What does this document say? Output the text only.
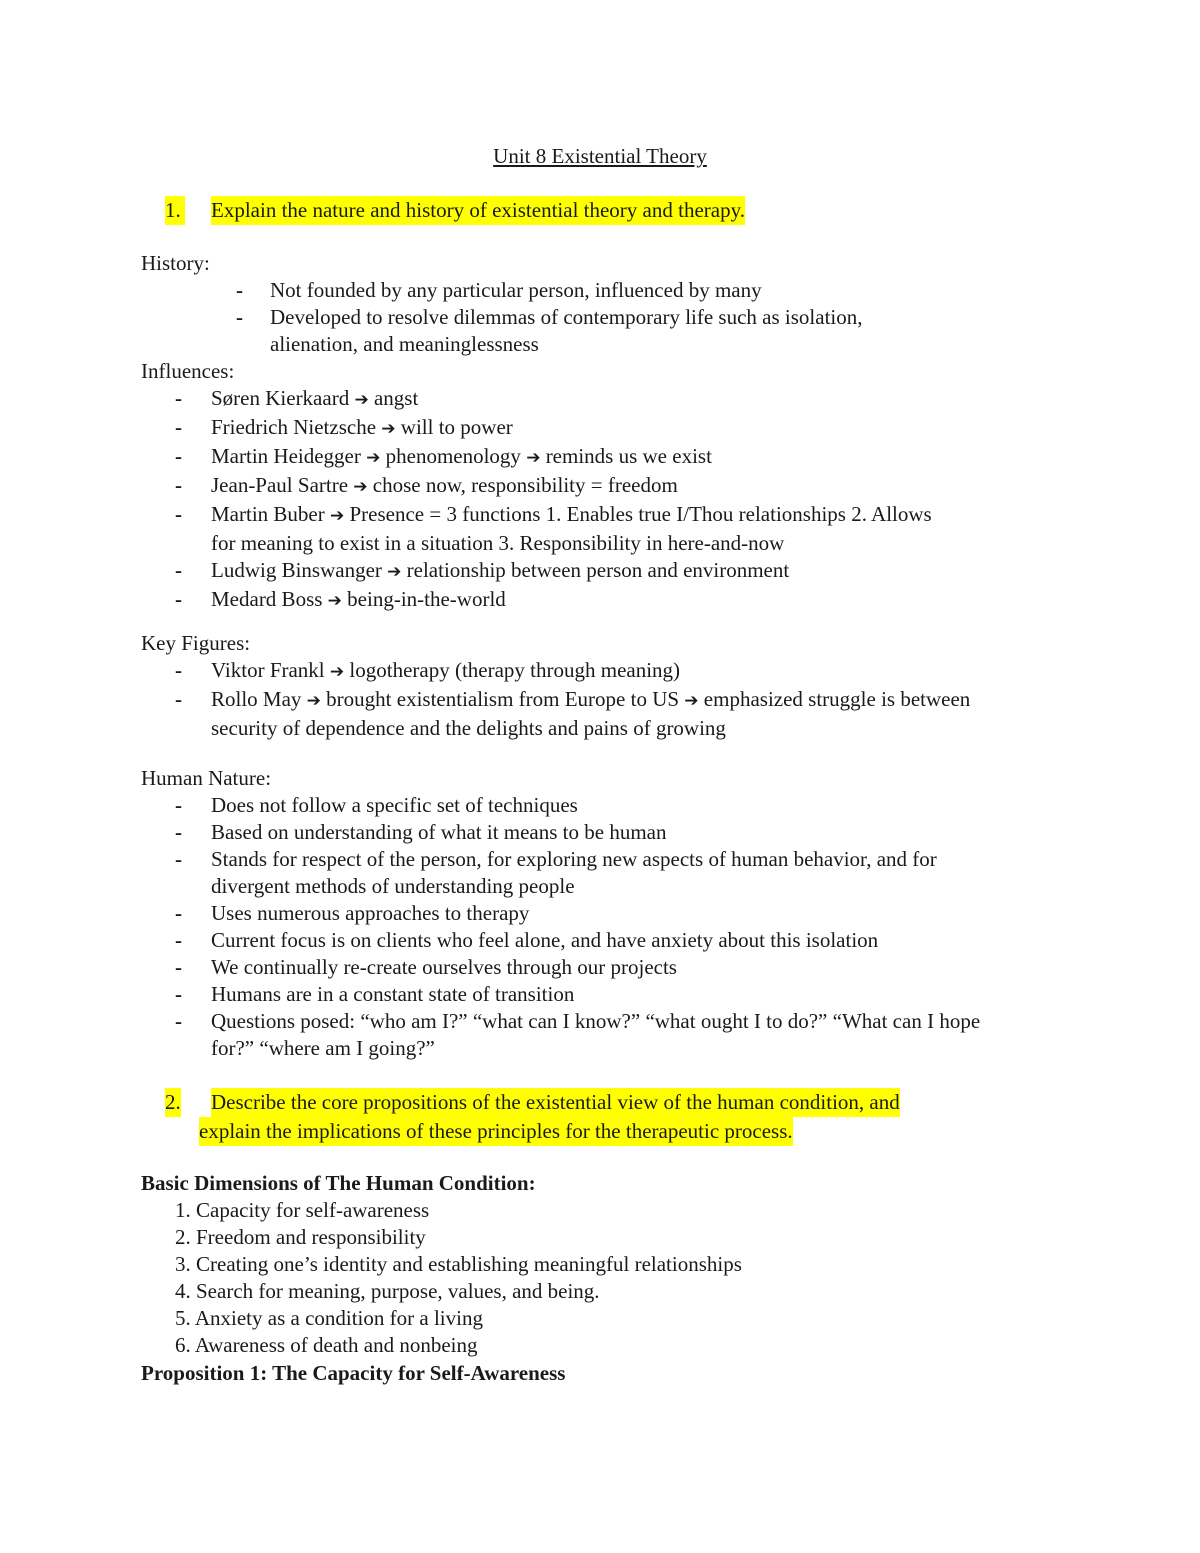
Unit 8 Existential Theory
1. Explain the nature and history of existential theory and therapy.
History:
- Not founded by any particular person, influenced by many
- Developed to resolve dilemmas of contemporary life such as isolation, alienation, and meaninglessness
Influences:
- Søren Kierkaard ➔ angst
- Friedrich Nietzsche ➔ will to power
- Martin Heidegger ➔ phenomenology ➔ reminds us we exist
- Jean-Paul Sartre ➔ chose now, responsibility = freedom
- Martin Buber ➔ Presence = 3 functions 1. Enables true I/Thou relationships 2. Allows for meaning to exist in a situation 3. Responsibility in here-and-now
- Ludwig Binswanger ➔ relationship between person and environment
- Medard Boss ➔ being-in-the-world
Key Figures:
- Viktor Frankl ➔ logotherapy (therapy through meaning)
- Rollo May ➔ brought existentialism from Europe to US ➔ emphasized struggle is between security of dependence and the delights and pains of growing
Human Nature:
- Does not follow a specific set of techniques
- Based on understanding of what it means to be human
- Stands for respect of the person, for exploring new aspects of human behavior, and for divergent methods of understanding people
- Uses numerous approaches to therapy
- Current focus is on clients who feel alone, and have anxiety about this isolation
- We continually re-create ourselves through our projects
- Humans are in a constant state of transition
- Questions posed: “who am I?” “what can I know?” “what ought I to do?” “What can I hope for?” “where am I going?”
2. Describe the core propositions of the existential view of the human condition, and
explain the implications of these principles for the therapeutic process.
Basic Dimensions of The Human Condition:
1. Capacity for self-awareness
2. Freedom and responsibility
3. Creating one’s identity and establishing meaningful relationships
4. Search for meaning, purpose, values, and being.
5. Anxiety as a condition for a living
6. Awareness of death and nonbeing
Proposition 1: The Capacity for Self-Awareness
